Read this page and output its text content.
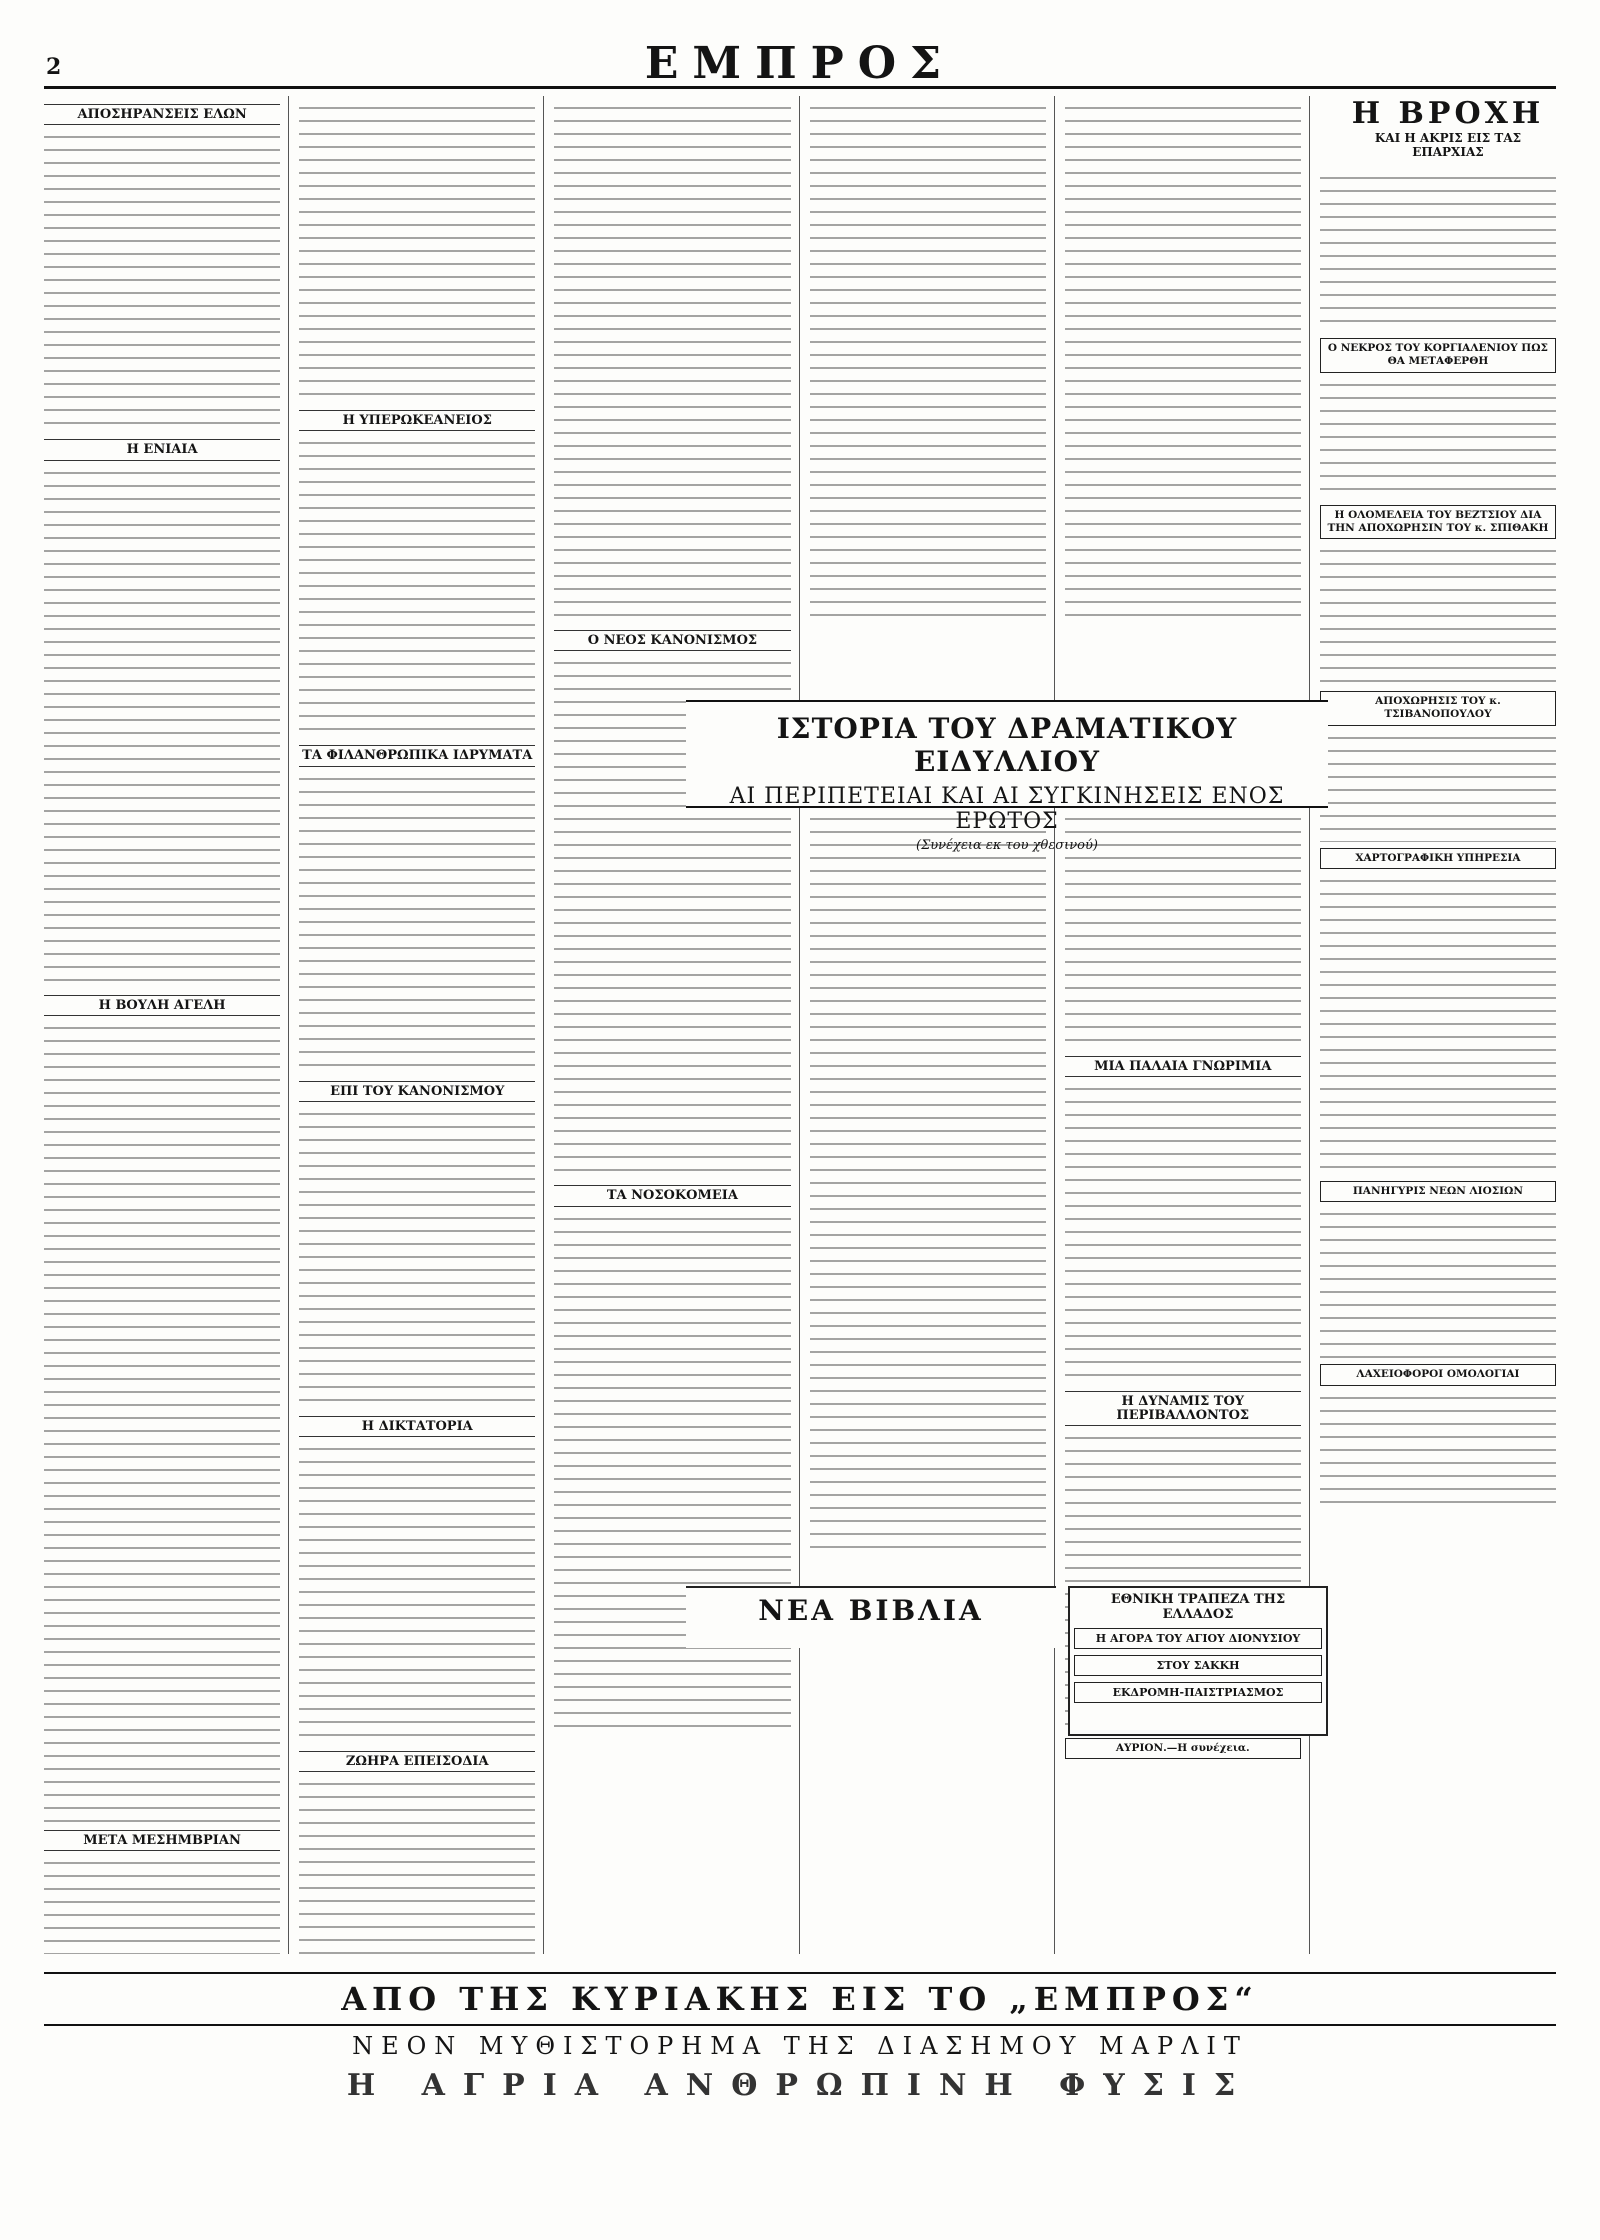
2	ΕΜΠΡΟΣ
ΑΠΟΣΗΡΑΝΣΕΙΣ ΕΛΩΝ
Η ΕΝΙΑΙΑ
Η ΒΟΥΛΗ ΑΓΕΛΗ
ΜΕΤΑ ΜΕΣΗΜΒΡΙΑΝ
Η ΥΠΕΡΩΚΕΑΝΕΙΟΣ
ΤΑ ΦΙΛΑΝΘΡΩΠΙΚΑ ΙΔΡΥΜΑΤΑ
ΕΠΙ ΤΟΥ ΚΑΝΟΝΙΣΜΟΥ
Η ΔΙΚΤΑΤΟΡΙΑ
ΖΩΗΡΑ ΕΠΕΙΣΟΔΙΑ
Ο ΝΕΟΣ ΚΑΝΟΝΙΣΜΟΣ
ΤΑ ΝΟΣΟΚΟΜΕΙΑ
ΜΙΑ ΠΑΛΑΙΑ ΓΝΩΡΙΜΙΑ
Η ΔΥΝΑΜΙΣ ΤΟΥ ΠΕΡΙΒΑΛΛΟΝΤΟΣ
ΑΥΡΙΟΝ.—Η συνέχεια.
Ο ΝΕΚΡΟΣ ΤΟΥ ΚΟΡΓΙΑΛΕΝΙΟΥ ΠΩΣ ΘΑ ΜΕΤΑΦΕΡΘΗ
Η ΟΛΟΜΕΛΕΙΑ ΤΟΥ ΒΕΖΤΣΙΟΥ ΔΙΑ ΤΗΝ ΑΠΟΧΩΡΗΣΙΝ ΤΟΥ κ. ΣΠΙΘΑΚΗ
ΑΠΟΧΩΡΗΣΙΣ ΤΟΥ κ. ΤΣΙΒΑΝΟΠΟΥΛΟΥ
ΧΑΡΤΟΓΡΑΦΙΚΗ ΥΠΗΡΕΣΙΑ
ΠΑΝΗΓΥΡΙΣ ΝΕΩΝ ΛΙΟΣΙΩΝ
ΛΑΧΕΙΟΦΟΡΟΙ ΟΜΟΛΟΓΙΑΙ
Η ΒΡΟΧΗ
ΚΑΙ Η ΑΚΡΙΣ ΕΙΣ ΤΑΣ ΕΠΑΡΧΙΑΣ
ΙΣΤΟΡΙΑ ΤΟΥ ΔΡΑΜΑΤΙΚΟΥ ΕΙΔΥΛΛΙΟΥ
ΑΙ ΠΕΡΙΠΕΤΕΙΑΙ ΚΑΙ ΑΙ ΣΥΓΚΙΝΗΣΕΙΣ ΕΝΟΣ ΕΡΩΤΟΣ
(Συνέχεια εκ του χθεσινού)
ΝΕΑ ΒΙΒΛΙΑ	ΕΘΝΙΚΗ ΤΡΑΠΕΖΑ ΤΗΣ ΕΛΛΑΔΟΣ
Η ΑΓΟΡΑ ΤΟΥ ΑΓΙΟΥ ΔΙΟΝΥΣΙΟΥ
ΣΤΟΥ ΣΑΚΚΗ
ΕΚΔΡΟΜΗ-ΠΑΙΣΤΡΙΑΣΜΟΣ
ΑΠΟ ΤΗΣ ΚΥΡΙΑΚΗΣ ΕΙΣ ΤΟ „ΕΜΠΡΟΣ“
ΝΕΟΝ ΜΥΘΙΣΤΟΡΗΜΑ ΤΗΣ ΔΙΑΣΗΜΟΥ ΜΑΡΛΙΤ
Η ΑΓΡΙΑ ΑΝΘΡΩΠΙΝΗ ΦΥΣΙΣ
